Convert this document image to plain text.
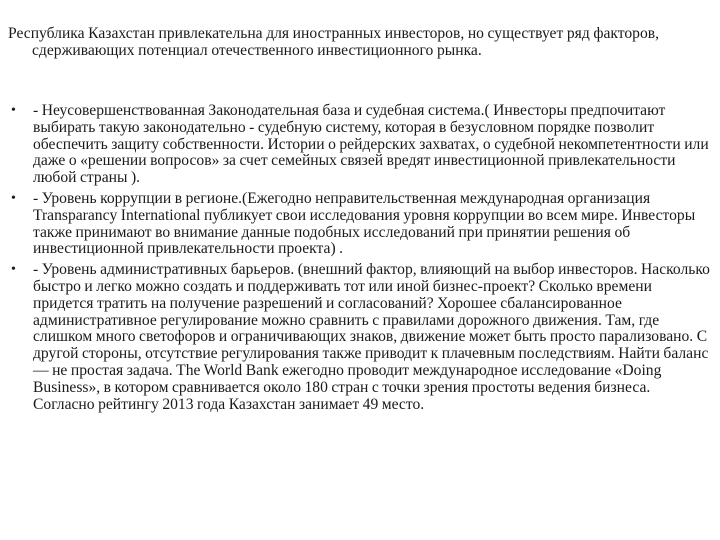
Республика Казахстан привлекательна для иностранных инвесторов, но существует ряд факторов, сдерживающих потенциал отечественного инвестиционного рынка.

• - Неусовершенствованная Законодательная база и судебная система.( Инвесторы предпочитают выбирать такую законодательно - судебную систему, которая в безусловном порядке позволит обеспечить защиту собственности. Истории о рейдерских захватах, о судебной некомпетентности или даже о «решении вопросов» за счет семейных связей вредят инвестиционной привлекательности любой страны ).
• - Уровень коррупции в регионе.(Ежегодно неправительственная международная организация Transparancy International публикует свои исследования уровня коррупции во всем мире. Инвесторы также принимают во внимание данные подобных исследований при принятии решения об инвестиционной привлекательности проекта) .
• - Уровень административных барьеров. (внешний фактор, влияющий на выбор инвесторов. Насколько быстро и легко можно создать и поддерживать тот или иной бизнес-проект? Сколько времени придется тратить на получение разрешений и согласований? Хорошее сбалансированное административное регулирование можно сравнить с правилами дорожного движения. Там, где слишком много светофоров и ограничивающих знаков, движение может быть просто парализовано. С другой стороны, отсутствие регулирования также приводит к плачевным последствиям. Найти баланс — не простая задача. The World Bank ежегодно проводит международное исследование «Doing Business», в котором сравнивается около 180 стран с точки зрения простоты ведения бизнеса. Согласно рейтингу 2013 года Казахстан занимает 49 место.
